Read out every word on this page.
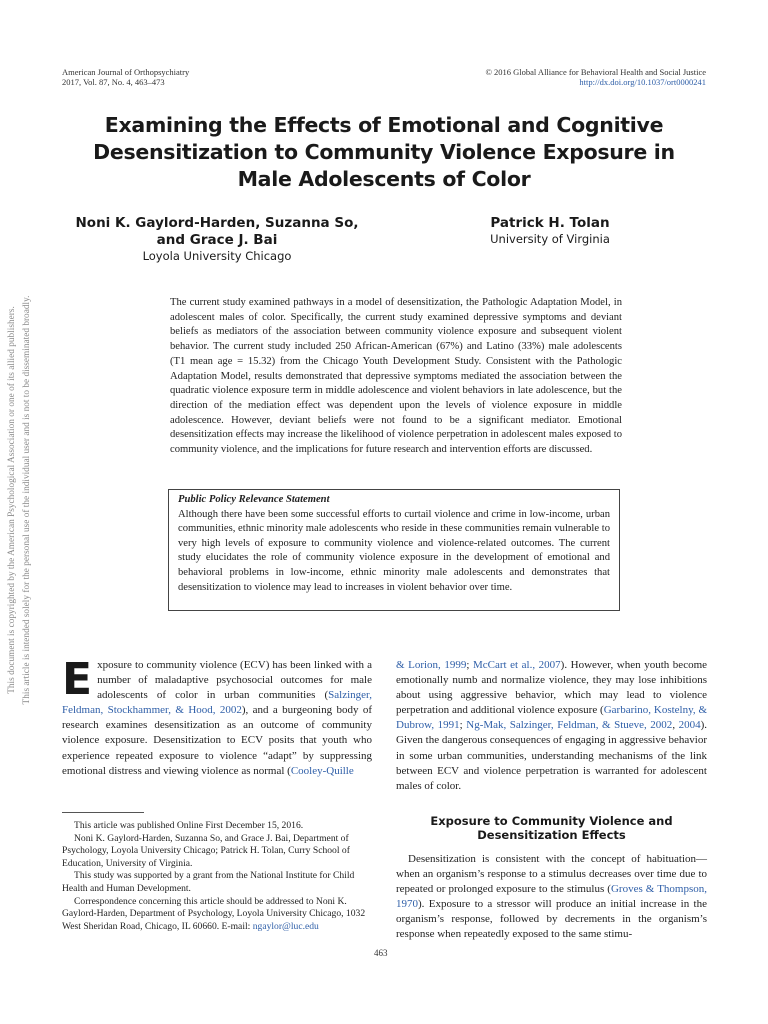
American Journal of Orthopsychiatry
2017, Vol. 87, No. 4, 463–473
© 2016 Global Alliance for Behavioral Health and Social Justice
http://dx.doi.org/10.1037/ort0000241
Examining the Effects of Emotional and Cognitive
Desensitization to Community Violence Exposure in
Male Adolescents of Color
Noni K. Gaylord-Harden, Suzanna So,
and Grace J. Bai
Loyola University Chicago
Patrick H. Tolan
University of Virginia
This document is copyrighted by the American Psychological Association or one of its allied publishers. This article is intended solely for the personal use of the individual user and is not to be disseminated broadly.	The current study examined pathways in a model of desensitization, the Pathologic Adaptation Model, in adolescent males of color. Specifically, the current study examined depressive symptoms and deviant beliefs as mediators of the association between community violence exposure and subsequent violent behavior. The current study included 250 African-American (67%) and Latino (33%) male adolescents (T1 mean age = 15.32) from the Chicago Youth Development Study. Consistent with the Pathologic Adaptation Model, results demonstrated that depressive symptoms mediated the association between the quadratic violence exposure term in middle adolescence and violent behaviors in late adolescence, but the direction of the mediation effect was dependent upon the levels of violence exposure in middle adolescence. However, deviant beliefs were not found to be a significant mediator. Emotional desensitization effects may increase the likelihood of violence perpetration in adolescent males exposed to community violence, and the implications for future research and intervention efforts are discussed.
Public Policy Relevance Statement
Although there have been some successful efforts to curtail violence and crime in low-income, urban communities, ethnic minority male adolescents who reside in these communities remain vulnerable to very high levels of exposure to community violence and violence-related outcomes. The current study elucidates the role of community violence exposure in the development of emotional and behavioral problems in low-income, ethnic minority male adolescents and demonstrates that desensitization to violence may lead to increases in violent behavior over time.
Exposure to community violence (ECV) has been linked with a number of maladaptive psychosocial outcomes for male adolescents of color in urban communities (Salzinger, Feldman, Stockhammer, & Hood, 2002), and a burgeoning body of research examines desensitization as an outcome of community violence exposure. Desensitization to ECV posits that youth who experience repeated exposure to violence “adapt” by suppressing emotional distress and viewing violence as normal (Cooley-Quille

This article was published Online First December 15, 2016.

Noni K. Gaylord-Harden, Suzanna So, and Grace J. Bai, Department of Psychology, Loyola University Chicago; Patrick H. Tolan, Curry School of Education, University of Virginia.

This study was supported by a grant from the National Institute for Child Health and Human Development.

Correspondence concerning this article should be addressed to Noni K. Gaylord-Harden, Department of Psychology, Loyola University Chicago, 1032 West Sheridan Road, Chicago, IL 60660. E-mail: ngaylor@luc.edu

& Lorion, 1999; McCart et al., 2007). However, when youth become emotionally numb and normalize violence, they may lose inhibitions about using aggressive behavior, which may lead to violence perpetration and additional violence exposure (Garbarino, Kostelny, & Dubrow, 1991; Ng-Mak, Salzinger, Feldman, & Stueve, 2002, 2004). Given the dangerous consequences of engaging in aggressive behavior in some urban communities, understanding mechanisms of the link between ECV and violence perpetration is warranted for adolescent males of color.
Exposure to Community Violence and
Desensitization Effects
Desensitization is consistent with the concept of habituation—when an organism’s response to a stimulus decreases over time due to repeated or prolonged exposure to the stimulus (Groves & Thompson, 1970). Exposure to a stressor will produce an initial increase in the organism’s response, followed by decrements in the organism’s response when repeatedly exposed to the same stimu-
463
